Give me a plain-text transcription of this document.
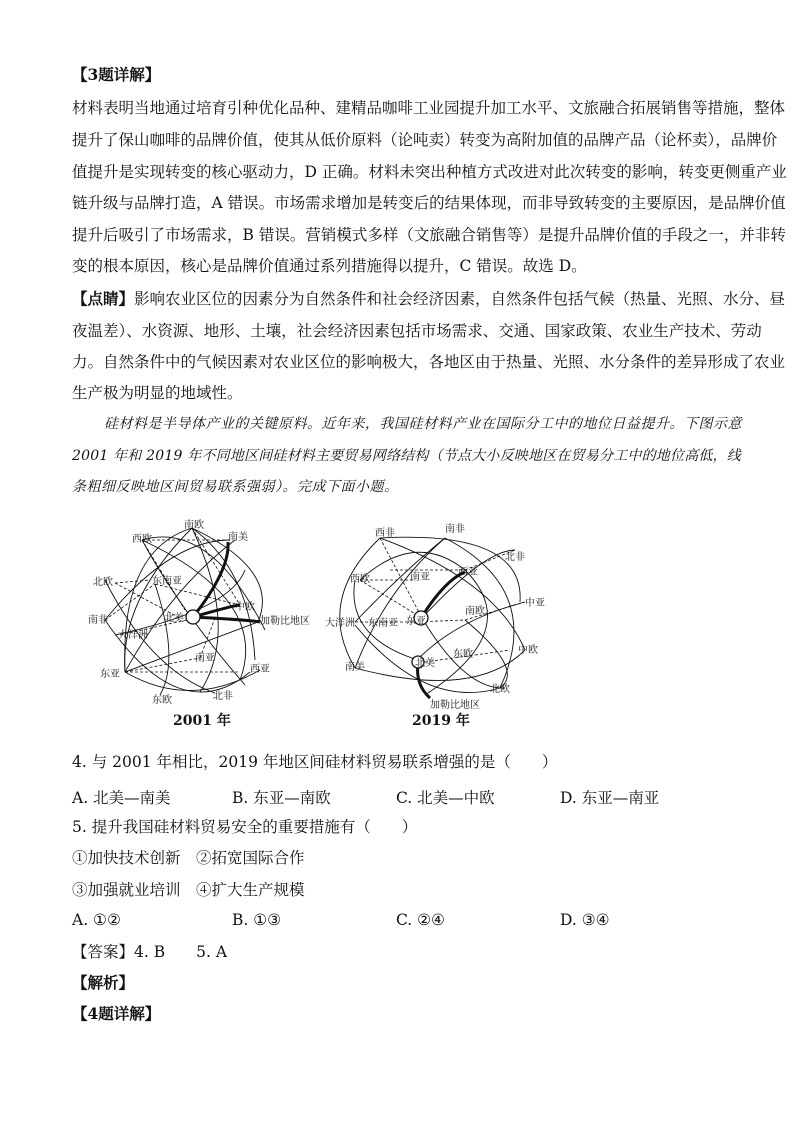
【3题详解】
材料表明当地通过培育引种优化品种、建精品咖啡工业园提升加工水平、文旅融合拓展销售等措施，整体
提升了保山咖啡的品牌价值，使其从低价原料（论吨卖）转变为高附加值的品牌产品（论杯卖），品牌价
值提升是实现转变的核心驱动力，D 正确。材料未突出种植方式改进对此次转变的影响，转变更侧重产业
链升级与品牌打造，A 错误。市场需求增加是转变后的结果体现，而非导致转变的主要原因，是品牌价值
提升后吸引了市场需求，B 错误。营销模式多样（文旅融合销售等）是提升品牌价值的手段之一，并非转
变的根本原因，核心是品牌价值通过系列措施得以提升，C 错误。故选 D。
【点睛】影响农业区位的因素分为自然条件和社会经济因素，自然条件包括气候（热量、光照、水分、昼
夜温差）、水资源、地形、土壤，社会经济因素包括市场需求、交通、国家政策、农业生产技术、劳动
力。自然条件中的气候因素对农业区位的影响极大，各地区由于热量、光照、水分条件的差异形成了农业
生产极为明显的地域性。
硅材料是半导体产业的关键原料。近年来，我国硅材料产业在国际分工中的地位日益提升。下图示意
2001 年和 2019 年不同地区间硅材料主要贸易网络结构（节点大小反映地区在贸易分工中的地位高低，线
条粗细反映地区间贸易联系强弱）。完成下面小题。
南欧
南美
西欧
北欧	东南亚
中欧
北美	加勒比地区
南非
大洋洲
南亚
东亚	西亚
北非
东欧
2001 年
南非
西非
北非
南亚	西亚
西欧
中亚
大洋洲 东南亚 东亚
南欧
东欧	中欧
南美	北美
北欧
加勒比地区
2019 年
4. 与 2001 年相比，2019 年地区间硅材料贸易联系增强的是（　　）
A. 北美—南美	B. 东亚—南欧	C. 北美—中欧	D. 东亚—南亚
5. 提升我国硅材料贸易安全的重要措施有（　　）
①加快技术创新　②拓宽国际合作
③加强就业培训　④扩大生产规模
A. ①②	B. ①③	C. ②④	D. ③④
【答案】4. B　　5. A
【解析】
【4题详解】
